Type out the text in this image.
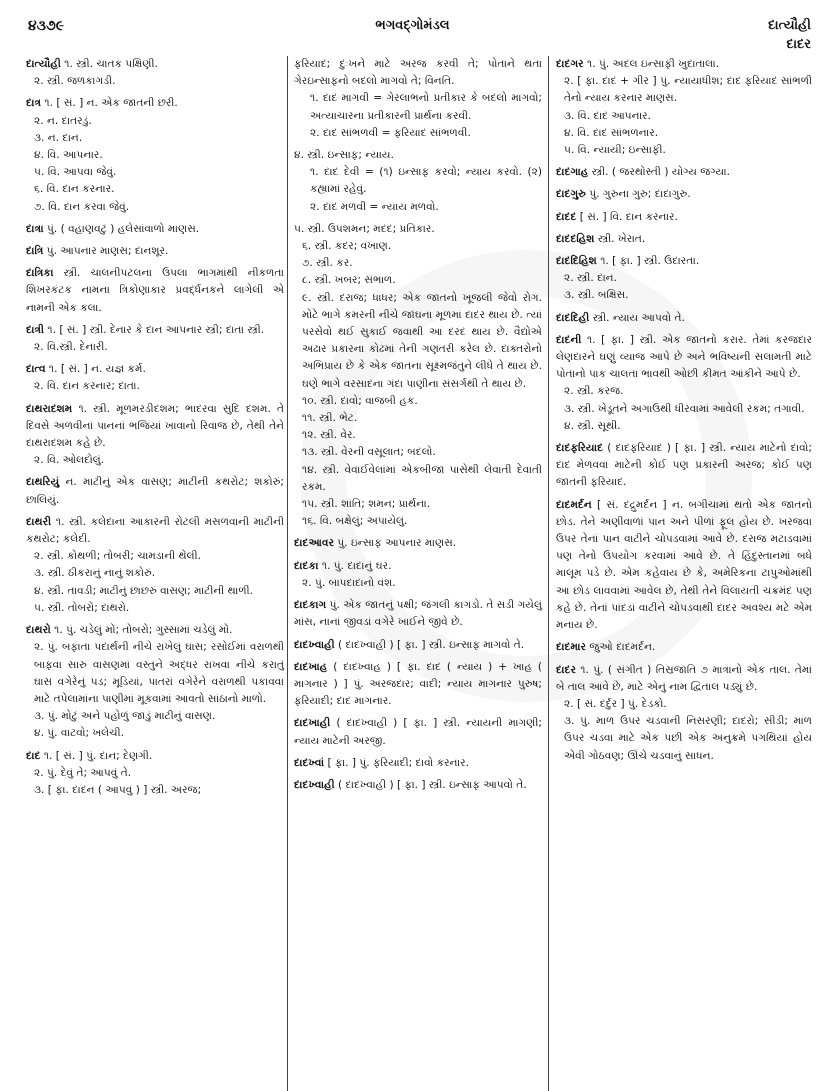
૪૩૭૯	ભગવદ્ગોમંડલ	દાત્યૌહી
દાદર
દાત્યૌહી ૧. સ્ત્રી. ચાતક પક્ષિણી.
૨. સ્ત્રી. જળકાગડી.
દાત્ર ૧. [ સં. ] ન. એક જાતની છરી.
૨. ન. દાતરડું.
૩. ન. દાન.
૪. વિ. આપનાર.
૫. વિ. આપવા જેવું.
૬. વિ. દાન કરનાર.
૭. વિ. દાન કરવા જેવું.
દાત્રા પું. ( વહાણવટું ) હલેસાંવાળો માણસ.
દાત્રિ પું. આપનાર માણસ; દાનશૂર.
દાત્રિકા સ્ત્રી. ચાલનીપટલના ઉપલા ભાગમાંથી નીકળતા શિખરકંટક નામના ત્રિકોણાકાર પ્રવર્દ્ધનકને લાગેલી એ નામની એક કલા.
દાત્રી ૧. [ સં. ] સ્ત્રી. દેનાર કે દાન આપનાર સ્ત્રી; દાતા સ્ત્રી.
૨. વિ.સ્ત્રી. દેનારી.
દાત્વ ૧. [ સં. ] ન. યજ્ઞ કર્મ.
૨. વિ. દાન કરનાર; દાતા.
દાથરાદશમ ૧. સ્ત્રી. મૂળમરડીદશમ; ભાદરવા સુદિ દશમ. તે દિવસે અળવીનાં પાનનાં ભજિયાં ખાવાનો રિવાજ છે, તેથી તેને દાથરાદશમ કહે છે.
૨. વિ. ઓલદોલું.
દાથરિયું ન. માટીનું એક વાસણ; માટીની કથરોટ; શકોરું; છાલિયું.
દાથરી ૧. સ્ત્રી. કલેદાના આકારની રોટલી મસળવાની માટીની કથરોટ; કલેદી.
૨. સ્ત્રી. કોથળી; તોબરી; ચામડાની થેલી.
૩. સ્ત્રી. ઠીકરાનું નાનું શકોરું.
૪. સ્ત્રી. તાવડી; માટીનું છાછરું વાસણ; માટીની થાળી.
૫. સ્ત્રી. તોબરો; દાથરો.
દાથરો ૧. પું. ચડેલું મોં; તોબરો; ગુસ્સામાં ચડેલું મોં.
૨. પું. બફાતા પદાર્થની નીચે રાખેલું ઘાસ; રસોઈમાં વરાળથી બાફવા સારુ વાસણમાં વસ્તુને અદ્ધર રાખવા નીચે કરાતું ઘાસ વગેરેનું પડ; મૂડિયાં, પાતરાં વગેરેને વરાળથી પકાવવા માટે તપેલામાંના પાણીમાં મૂકવામાં આવતો સાંઠાનો માળો.
૩. પું. મોટું અને પહોળું જાડું માટીનું વાસણ.
૪. પું. વાટવો; ખલેચી.
દાદ ૧. [ સં. ] પું. દાન; દેણગી.
૨. પું. દેવું તે; આપવું તે.
૩. [ ફા. દાદન ( આપવું ) ] સ્ત્રી. અરજ;
ફરિયાદ; દુઃખને માટે અરજ કરવી તે; પોતાને થતા ગેરઇન્સાફનો બદલો માગવો તે; વિનતિ.
૧. દાદ માગવી = ગેરલાભનો પ્રતીકાર કે બદલો માગવો; અત્યાચારના પ્રતીકારની પ્રાર્થના કરવી.
૨. દાદ સાંભળવી = ફરિયાદ સાંભળવી.
૪. સ્ત્રી. ઇન્સાફ; ન્યાય.
૧. દાદ દેવી = (૧) ઇન્સાફ કરવો; ન્યાય કરવો. (૨) કહ્યામાં રહેવું.
૨. દાદ મળવી = ન્યાય મળવો.
૫. સ્ત્રી. ઉપશમન; મદદ; પ્રતિકાર.
૬. સ્ત્રી. કદર; વખાણ.
૭. સ્ત્રી. કર.
૮. સ્ત્રી. ખબર; સંભાળ.
૯. સ્ત્રી. દરાજ; ધાધર; એક જાતનો ખૂજલી જેવો રોગ. મોટે ભાગે કમરની નીચે જાંઘના મૂળમાં દાદર થાય છે. ત્યાં પરસેવો થઈ સુકાઈ જવાથી આ દરદ થાય છે. વૈદ્યોએ અઢાર પ્રકારના કોઢમાં તેની ગણતરી કરેલ છે. દાક્તરોનો અભિપ્રાય છે કે એક જાતના સૂક્ષ્મજંતુને લીધે તે થાય છે. ઘણે ભાગે વરસાદના ગંદા પાણીના સંસર્ગથી તે થાય છે.
૧૦. સ્ત્રી. દાવો; વાજબી હક.
૧૧. સ્ત્રી. ભેટ.
૧૨. સ્ત્રી. વેર.
૧૩. સ્ત્રી. વેરની વસૂલાત; બદલો.
૧૪. સ્ત્રી. વેવાઈવેલાંમાં એકબીજા પાસેથી લેવાતી દેવાતી રકમ.
૧૫. સ્ત્રી. શાંતિ; શમન; પ્રાર્થના.
૧૬. વિ. બક્ષેલું; અપાયેલું.
દાદઆવર પું. ઇન્સાફ આપનાર માણસ.
દાદકા ૧. પું. દાદાનું ઘર.
૨. પું. બાપદાદાનો વંશ.
દાદકાગ પું. એક જાતનું પક્ષી; જંગલી કાગડો. તે સડી ગયેલું માંસ, નાનાં જીવડાં વગેરે ખાઈને જીવે છે.
દાદખ્વાહી ( દાદખ્વાહી ) [ ફા. ] સ્ત્રી. ઇન્સાફ માગવો તે.
દાદખાહ ( દાદખ્વાહ ) [ ફા. દાદ ( ન્યાય ) + ખાહ ( માગનાર ) ] પું. અરજદાર; વાદી; ન્યાય માગનાર પુરુષ; ફરિયાદી; દાદ માગનાર.
દાદખાહી ( દાદખ્વાહી ) [ ફા. ] સ્ત્રી. ન્યાયની માગણી; ન્યાય માટેની અરજી.
દાદખ્વાં [ ફા. ] પું. ફરિયાદી; દાવો કરનાર.
દાદખ્વાહી ( દાદખ્વાહી ) [ ફા. ] સ્ત્રી. ઇન્સાફ આપવો તે.
દાદગર ૧. પું. અદલ ઇન્સાફી ખુદાતાલા.
૨. [ ફા. દાદ + ગીર ] પું. ન્યાયાધીશ; દાદ ફરિયાદ સાંભળી તેનો ન્યાય કરનાર માણસ.
૩. વિ. દાદ આપનાર.
૪. વિ. દાદ સાંભળનાર.
૫. વિ. ન્યાયી; ઇન્સાફી.
દાદગાહ સ્ત્રી. ( જરથોસ્તી ) યોગ્ય જગ્યા.
દાદગુરુ પું. ગુરુના ગુરુ; દાદાગુરુ.
દાદદ [ સં. ] વિ. દાન કરનાર.
દાદદહિશ સ્ત્રી. ખેરાત.
દાદદિહિશ ૧. [ ફા. ] સ્ત્રી. ઉદારતા.
૨. સ્ત્રી. દાન.
૩. સ્ત્રી. બક્ષિસ.
દાદદિહી સ્ત્રી. ન્યાય આપવો તે.
દાદની ૧. [ ફા. ] સ્ત્રી. એક જાતનો કરાર. તેમાં કરજદાર લેણદારને ઘણું વ્યાજ આપે છે અને ભવિષ્યની સલામતી માટે પોતાનો પાક ચાલતા ભાવથી ઓછી કીમત આંકીને આપે છે.
૨. સ્ત્રી. કરજ.
૩. સ્ત્રી. ખેડૂતને અગાઉથી ધીરવામાં આવેલી રકમ; તગાવી.
૪. સ્ત્રી. સૂથી.
દાદફરિયાદ ( દાદફરિયાદ ) [ ફા. ] સ્ત્રી. ન્યાય માટેનો દાવો; દાદ મેળવવા માટેની કોઈ પણ પ્રકારની અરજ; કોઈ પણ જાતની ફરિયાદ.
દાદમર્દન [ સં. દદ્રુમર્દન ] ન. બગીચામાં થતો એક જાતનો છોડ. તેને અણીવાળાં પાન અને પીળાં ફૂલ હોય છે. ખરજવા ઉપર તેનાં પાન વાટીને ચોપડવામાં આવે છે. દરાજ મટાડવામાં પણ તેનો ઉપયોગ કરવામાં આવે છે. તે હિંદુસ્તાનમાં બધે માલૂમ પડે છે. એમ કહેવાય છે કે, અમેરિકના ટાપુઓમાંથી આ છોડ લાવવામાં આવેલ છે, તેથી તેને વિલાયતી ચક્રમંદ પણ કહે છે. તેનાં પાંદડાં વાટીને ચોપડવાથી દાદર અવશ્ય મટે એમ મનાય છે.
દાદમાર જુઓ દાદમર્દન.
દાદર ૧. પું. ( સંગીત ) તિસ્રજાતિ ૭ માત્રાનો એક તાલ. તેમાં બે તાલ આવે છે, માટે એનું નામ દ્વિતાલ પડ્યું છે.
૨. [ સં. દર્દુર ] પું. દેડકો.
૩. પું. માળ ઉપર ચડવાની નિસરણી; દાદરો; સીડી; માળ ઉપર ચડવા માટે એક પછી એક અનુક્રમે પગથિયાં હોય એવી ગોઠવણ; ઊંચે ચડવાનું સાધન.
